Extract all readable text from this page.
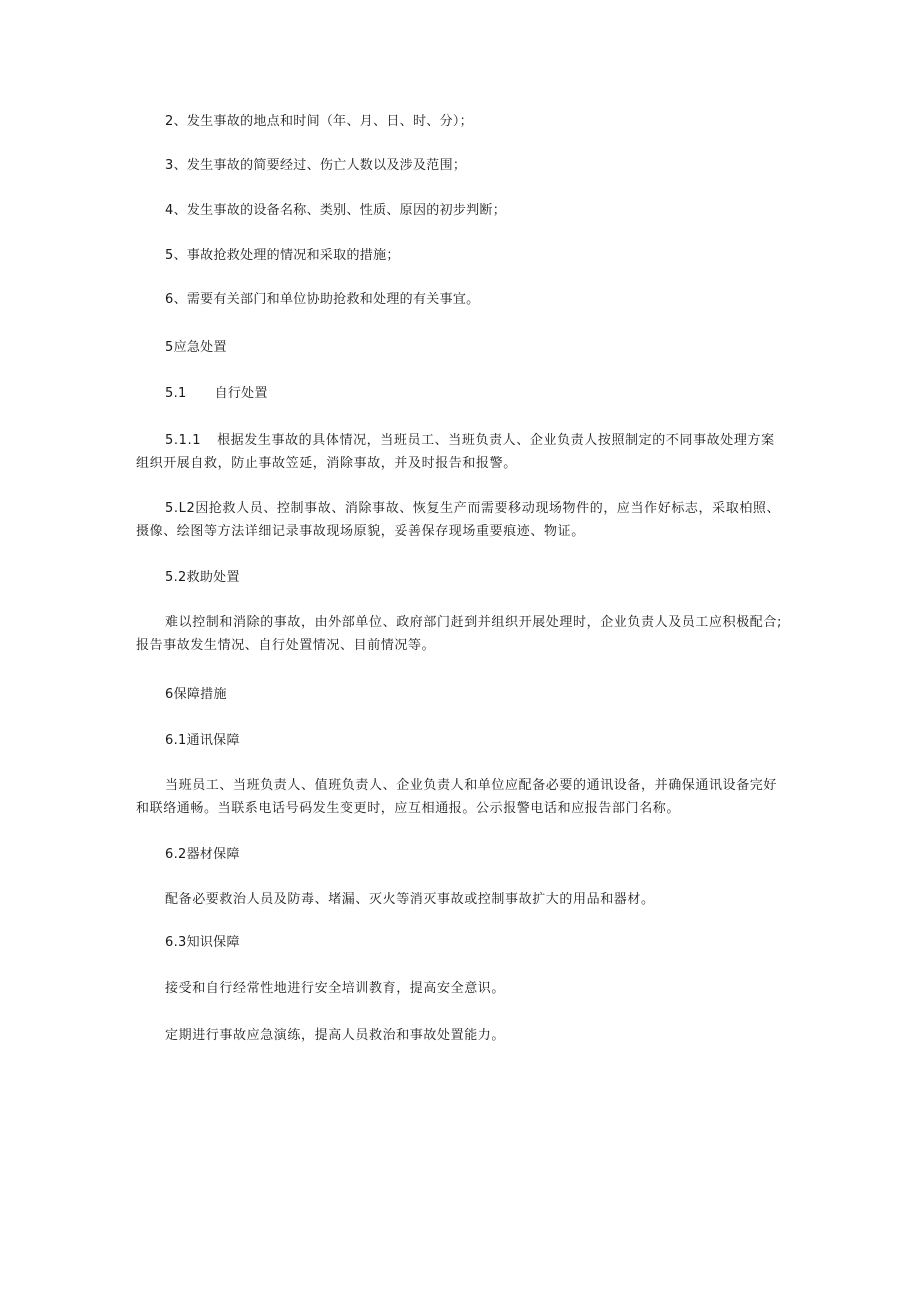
2、发生事故的地点和时间（年、月、日、时、分）；
3、发生事故的简要经过、伤亡人数以及涉及范围；
4、发生事故的设备名称、类别、性质、原因的初步判断；
5、事故抢救处理的情况和采取的措施；
6、需要有关部门和单位协助抢救和处理的有关事宜。
5应急处置
5.1 自行处置
5.1.1 根据发生事故的具体情况，当班员工、当班负责人、企业负责人按照制定的不同事故处理方案组织开展自救，防止事故笠延，消除事故，并及时报告和报警。
5.L2因抢救人员、控制事故、消除事故、恢复生产而需要移动现场物件的，应当作好标志，采取柏照、摄像、绘图等方法详细记录事故现场原貌，妥善保存现场重要痕迹、物证。
5.2救助处置
难以控制和消除的事故，由外部单位、政府部门赶到并组织开展处理时，企业负责人及员工应积极配合;报告事故发生情况、自行处置情况、目前情况等。
6保障措施
6.1通讯保障
当班员工、当班负责人、值班负责人、企业负责人和单位应配备必要的通讯设备，并确保通讯设备完好和联络通畅。当联系电话号码发生变更时，应互相通报。公示报警电话和应报告部门名称。
6.2器材保障
配备必要救治人员及防毒、堵漏、灭火等消灭事故或控制事故扩大的用品和器材。
6.3知识保障
接受和自行经常性地进行安全培训教育，提高安全意识。
定期进行事故应急演练，提高人员救治和事故处置能力。
